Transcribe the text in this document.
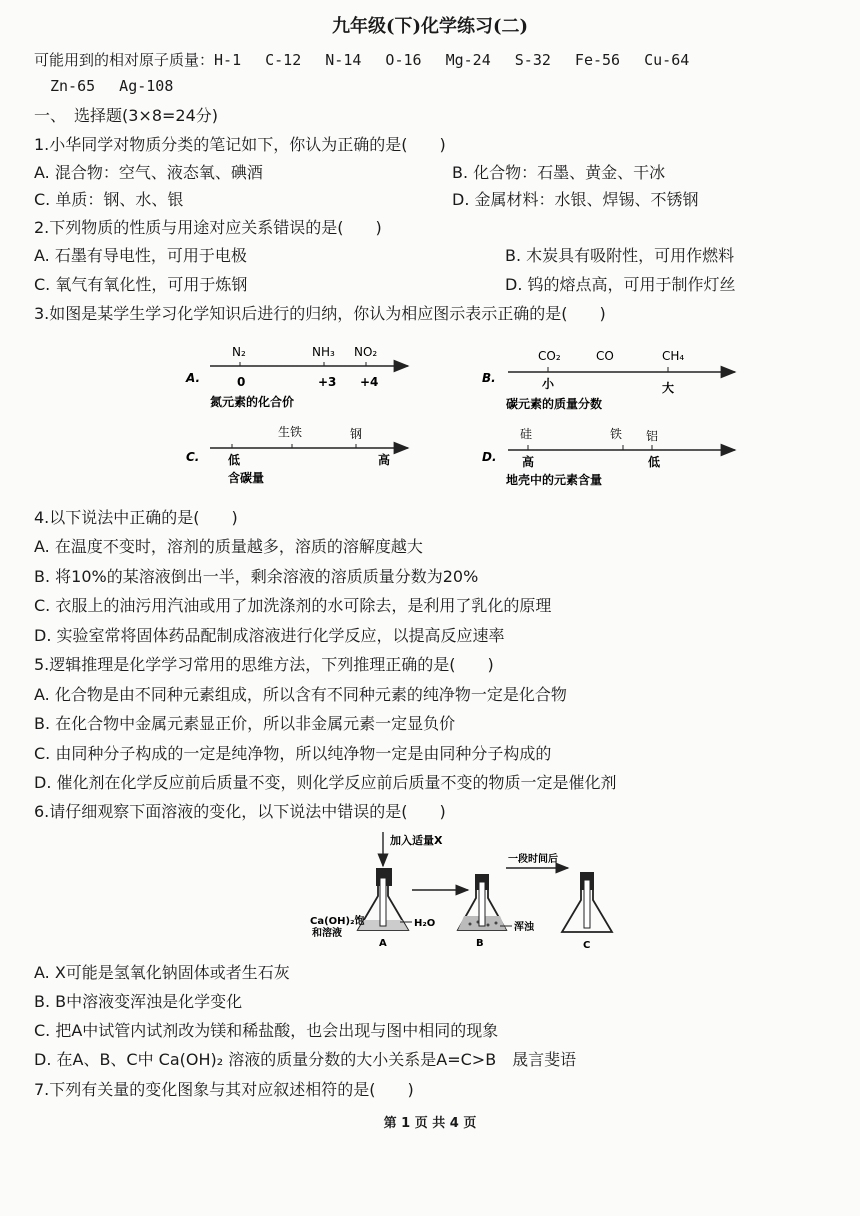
九年级(下)化学练习(二)
可能用到的相对原子质量：H-1　 C-12　 N-14　 O-16　 Mg-24　 S-32　 Fe-56　 Cu-64
Zn-65　 Ag-108
一、　选择题(3×8=24分)
1.小华同学对物质分类的笔记如下，你认为正确的是(　　)
A. 混合物：空气、液态氧、碘酒	B. 化合物：石墨、黄金、干冰
C. 单质：钢、水、银	D. 金属材料：水银、焊锡、不锈钢
2.下列物质的性质与用途对应关系错误的是(　　)
A. 石墨有导电性，可用于电极	B. 木炭具有吸附性，可用作燃料
C. 氧气有氧化性，可用于炼钢	D. 钨的熔点高，可用于制作灯丝
3.如图是某学生学习化学知识后进行的归纳，你认为相应图示表示正确的是(　　)
A.
N₂	NH₃ NO₂
0	+3 +4
氮元素的化合价
B.
CO₂	CO	CH₄
小	大
碳元素的质量分数
C.
生铁	钢
低	高
含碳量
D.
硅	铁 铝
高	低
地壳中的元素含量
4.以下说法中正确的是(　　)
A. 在温度不变时，溶剂的质量越多，溶质的溶解度越大
B. 将10%的某溶液倒出一半，剩余溶液的溶质质量分数为20%
C. 衣服上的油污用汽油或用了加洗涤剂的水可除去，是利用了乳化的原理
D. 实验室常将固体药品配制成溶液进行化学反应，以提高反应速率
5.逻辑推理是化学学习常用的思维方法，下列推理正确的是(　　)
A. 化合物是由不同种元素组成，所以含有不同种元素的纯净物一定是化合物
B. 在化合物中金属元素显正价，所以非金属元素一定显负价
C. 由同种分子构成的一定是纯净物，所以纯净物一定是由同种分子构成的
D. 催化剂在化学反应前后质量不变，则化学反应前后质量不变的物质一定是催化剂
6.请仔细观察下面溶液的变化，以下说法中错误的是(　　)
加入适量X
A
Ca(OH)₂饱
和溶液
H₂O
B
浑浊
一段时间后
C
A. X可能是氢氧化钠固体或者生石灰
B. B中溶液变浑浊是化学变化
C. 把A中试管内试剂改为镁和稀盐酸，也会出现与图中相同的现象
D. 在A、B、C中 Ca(OH)₂ 溶液的质量分数的大小关系是A=C>B　晟言斐语
7.下列有关量的变化图象与其对应叙述相符的是(　　)
第 1 页 共 4 页
